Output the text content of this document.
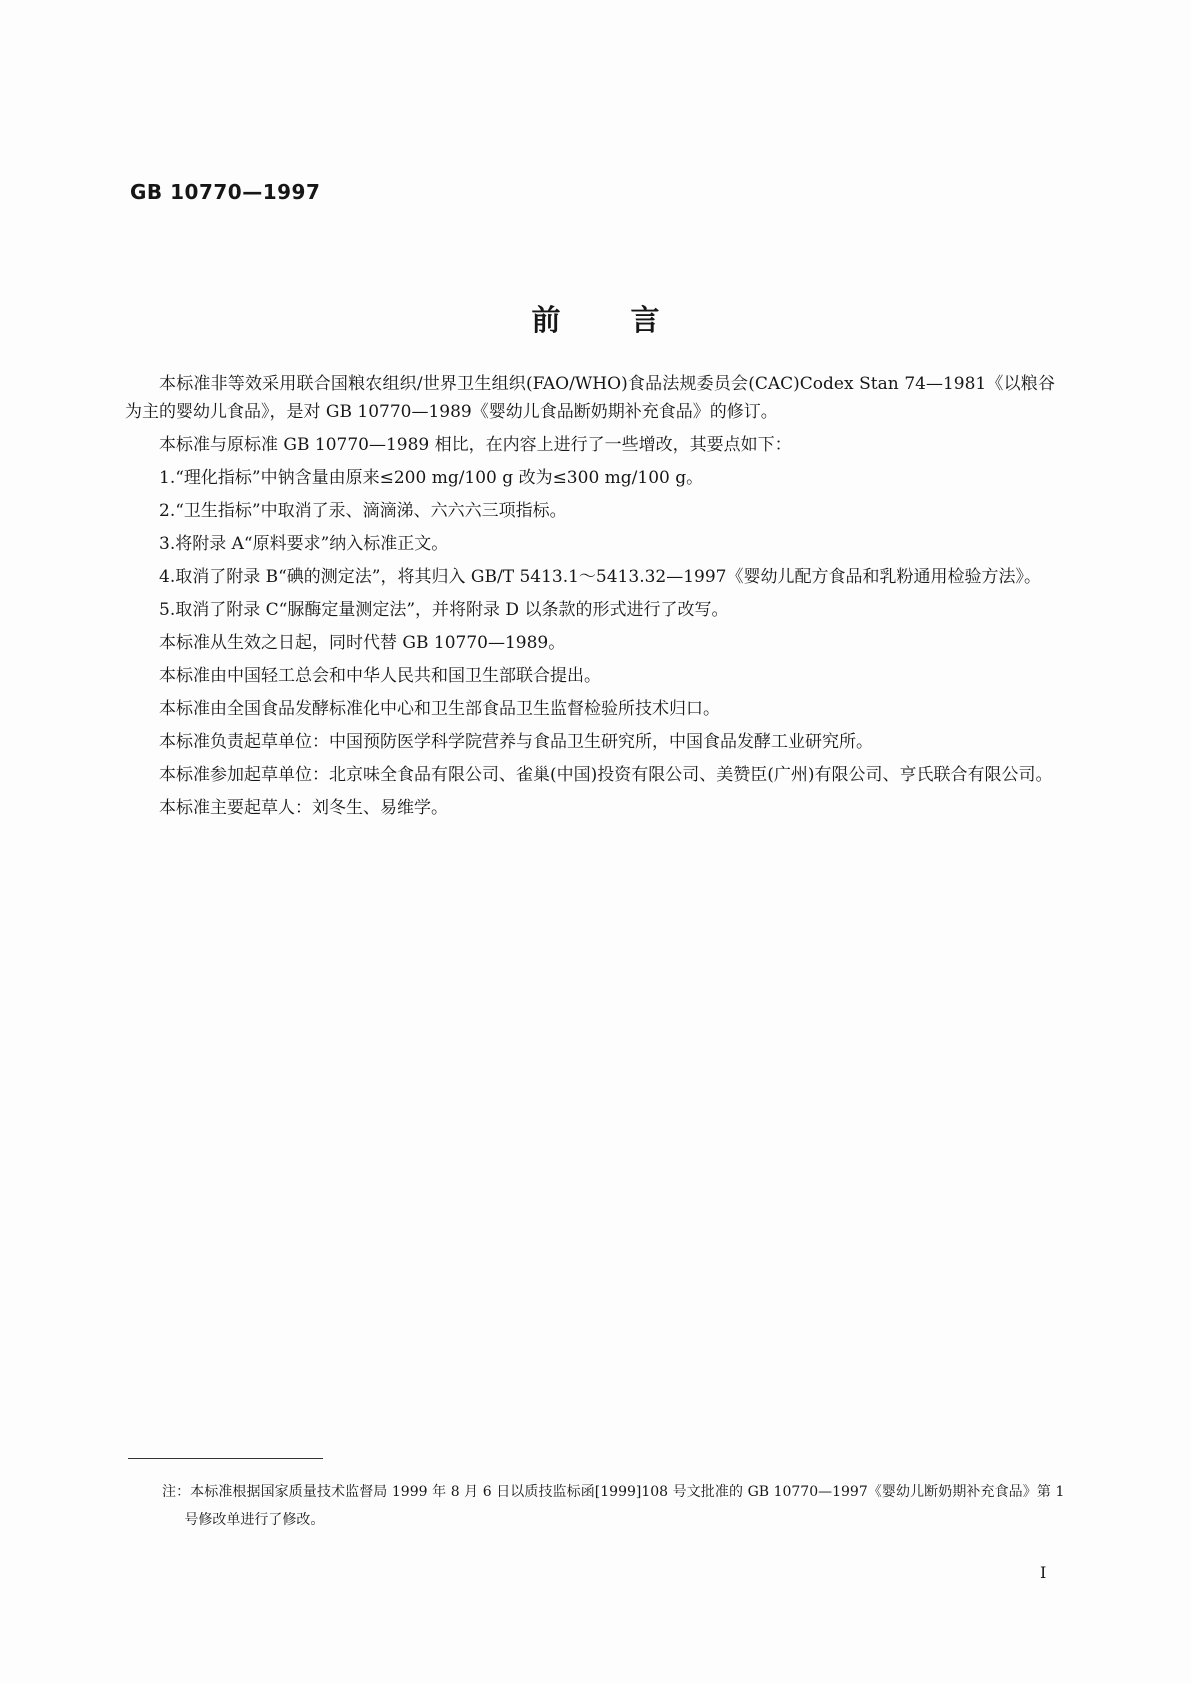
GB 10770—1997

前言

本标准非等效采用联合国粮农组织/世界卫生组织(FAO/WHO)食品法规委员会(CAC)Codex Stan 74—1981《以粮谷为主的婴幼儿食品》，是对 GB 10770—1989《婴幼儿食品断奶期补充食品》的修订。

本标准与原标准 GB 10770—1989 相比，在内容上进行了一些增改，其要点如下：

1.“理化指标”中钠含量由原来≤200 mg/100 g 改为≤300 mg/100 g。

2.“卫生指标”中取消了汞、滴滴涕、六六六三项指标。

3.将附录 A“原料要求”纳入标准正文。

4.取消了附录 B“碘的测定法”，将其归入 GB/T 5413.1～5413.32—1997《婴幼儿配方食品和乳粉通用检验方法》。

5.取消了附录 C“脲酶定量测定法”，并将附录 D 以条款的形式进行了改写。

本标准从生效之日起，同时代替 GB 10770—1989。

本标准由中国轻工总会和中华人民共和国卫生部联合提出。

本标准由全国食品发酵标准化中心和卫生部食品卫生监督检验所技术归口。

本标准负责起草单位：中国预防医学科学院营养与食品卫生研究所，中国食品发酵工业研究所。

本标准参加起草单位：北京味全食品有限公司、雀巢(中国)投资有限公司、美赞臣(广州)有限公司、亨氏联合有限公司。

本标准主要起草人：刘冬生、易维学。

注：本标准根据国家质量技术监督局 1999 年 8 月 6 日以质技监标函[1999]108 号文批准的 GB 10770—1997《婴幼儿断奶期补充食品》第 1 号修改单进行了修改。

I
